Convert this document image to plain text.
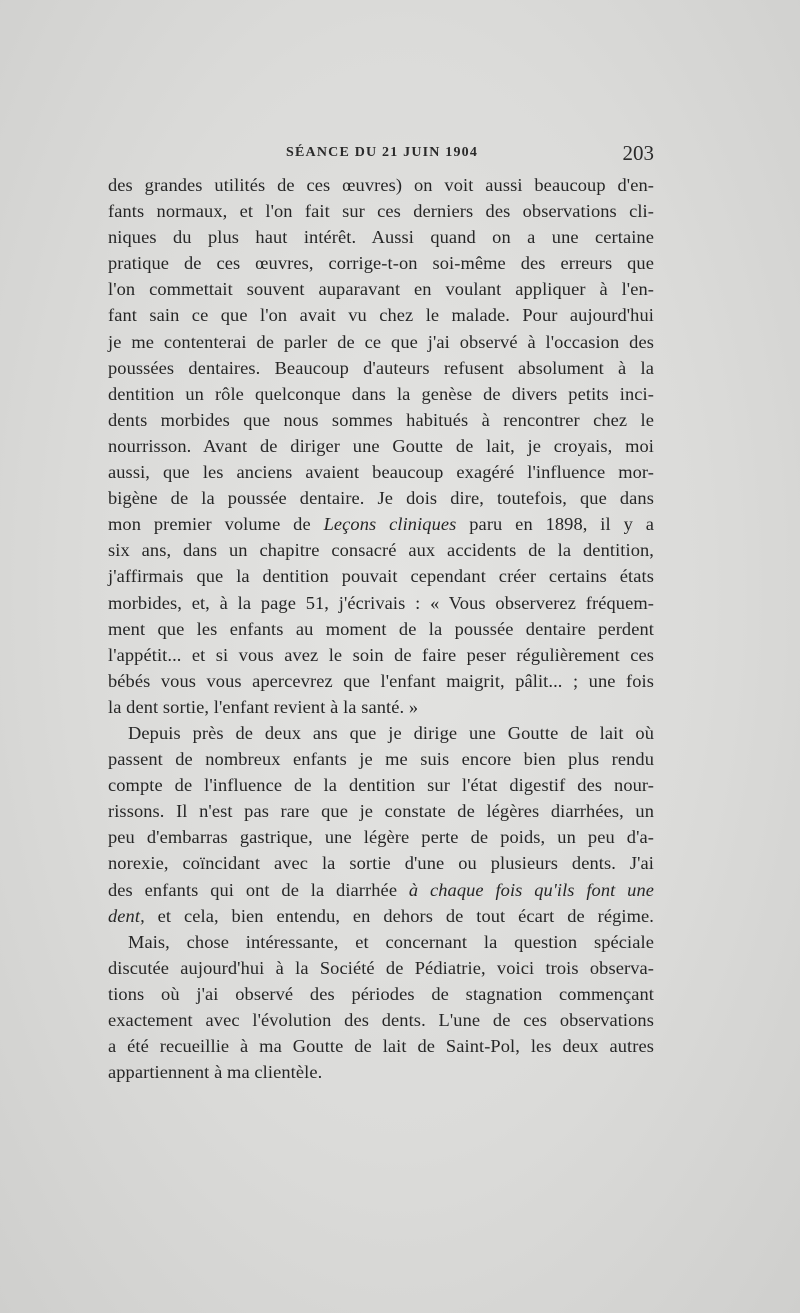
SÉANCE DU 21 JUIN 1904	203
des grandes utilités de ces œuvres) on voit aussi beaucoup d'en-
fants normaux, et l'on fait sur ces derniers des observations cli-
niques du plus haut intérêt. Aussi quand on a une certaine
pratique de ces œuvres, corrige-t-on soi-même des erreurs que
l'on commettait souvent auparavant en voulant appliquer à l'en-
fant sain ce que l'on avait vu chez le malade. Pour aujourd'hui
je me contenterai de parler de ce que j'ai observé à l'occasion des
poussées dentaires. Beaucoup d'auteurs refusent absolument à la
dentition un rôle quelconque dans la genèse de divers petits inci-
dents morbides que nous sommes habitués à rencontrer chez le
nourrisson. Avant de diriger une Goutte de lait, je croyais, moi
aussi, que les anciens avaient beaucoup exagéré l'influence mor-
bigène de la poussée dentaire. Je dois dire, toutefois, que dans
mon premier volume de Leçons cliniques paru en 1898, il y a
six ans, dans un chapitre consacré aux accidents de la dentition,
j'affirmais que la dentition pouvait cependant créer certains états
morbides, et, à la page 51, j'écrivais : « Vous observerez fréquem-
ment que les enfants au moment de la poussée dentaire perdent
l'appétit... et si vous avez le soin de faire peser régulièrement ces
bébés vous vous apercevrez que l'enfant maigrit, pâlit... ; une fois
la dent sortie, l'enfant revient à la santé. »
Depuis près de deux ans que je dirige une Goutte de lait où
passent de nombreux enfants je me suis encore bien plus rendu
compte de l'influence de la dentition sur l'état digestif des nour-
rissons. Il n'est pas rare que je constate de légères diarrhées, un
peu d'embarras gastrique, une légère perte de poids, un peu d'a-
norexie, coïncidant avec la sortie d'une ou plusieurs dents. J'ai
des enfants qui ont de la diarrhée à chaque fois qu'ils font une
dent, et cela, bien entendu, en dehors de tout écart de régime.
Mais, chose intéressante, et concernant la question spéciale
discutée aujourd'hui à la Société de Pédiatrie, voici trois observa-
tions où j'ai observé des périodes de stagnation commençant
exactement avec l'évolution des dents. L'une de ces observations
a été recueillie à ma Goutte de lait de Saint-Pol, les deux autres
appartiennent à ma clientèle.
